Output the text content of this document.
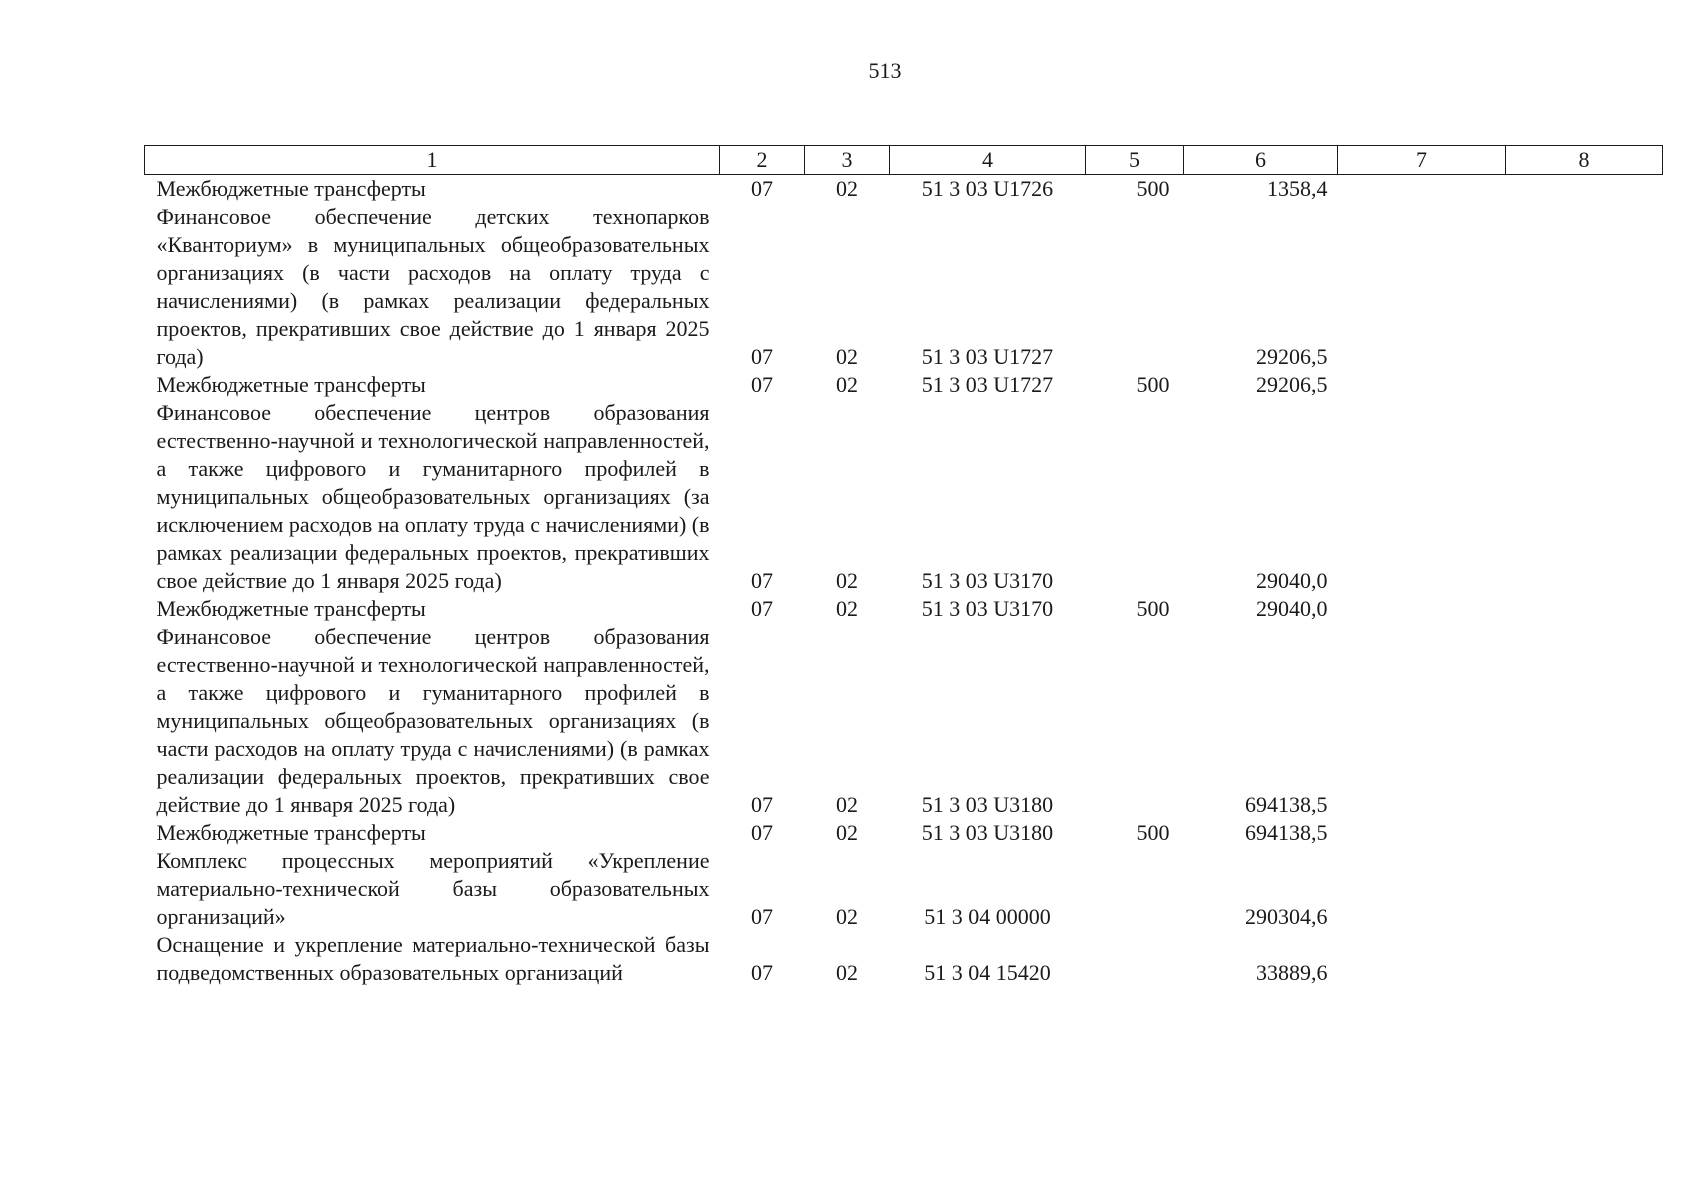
513
1	2	3	4	5	6	7	8
Межбюджетные трансферты	07	02	51 3 03 U1726	500	1358,4		
Финансовое обеспечение детских технопарков «Кванториум» в муниципальных общеобразовательных организациях (в части расходов на оплату труда с начислениями) (в рамках реализации федеральных проектов, прекративших свое действие до 1 января 2025 года)	07	02	51 3 03 U1727		29206,5		
Межбюджетные трансферты	07	02	51 3 03 U1727	500	29206,5		
Финансовое обеспечение центров образования естественно-научной и технологической направленностей, а также цифрового и гуманитарного профилей в муниципальных общеобразовательных организациях (за исключением расходов на оплату труда с начислениями) (в рамках реализации федеральных проектов, прекративших свое действие до 1 января 2025 года)	07	02	51 3 03 U3170		29040,0		
Межбюджетные трансферты	07	02	51 3 03 U3170	500	29040,0		
Финансовое обеспечение центров образования естественно-научной и технологической направленностей, а также цифрового и гуманитарного профилей в муниципальных общеобразовательных организациях (в части расходов на оплату труда с начислениями) (в рамках реализации федеральных проектов, прекративших свое действие до 1 января 2025 года)	07	02	51 3 03 U3180		694138,5		
Межбюджетные трансферты	07	02	51 3 03 U3180	500	694138,5		
Комплекс процессных мероприятий «Укрепление материально-технической базы образовательных организаций»	07	02	51 3 04 00000		290304,6		
Оснащение и укрепление материально-технической базы подведомственных образовательных организаций	07	02	51 3 04 15420		33889,6		
